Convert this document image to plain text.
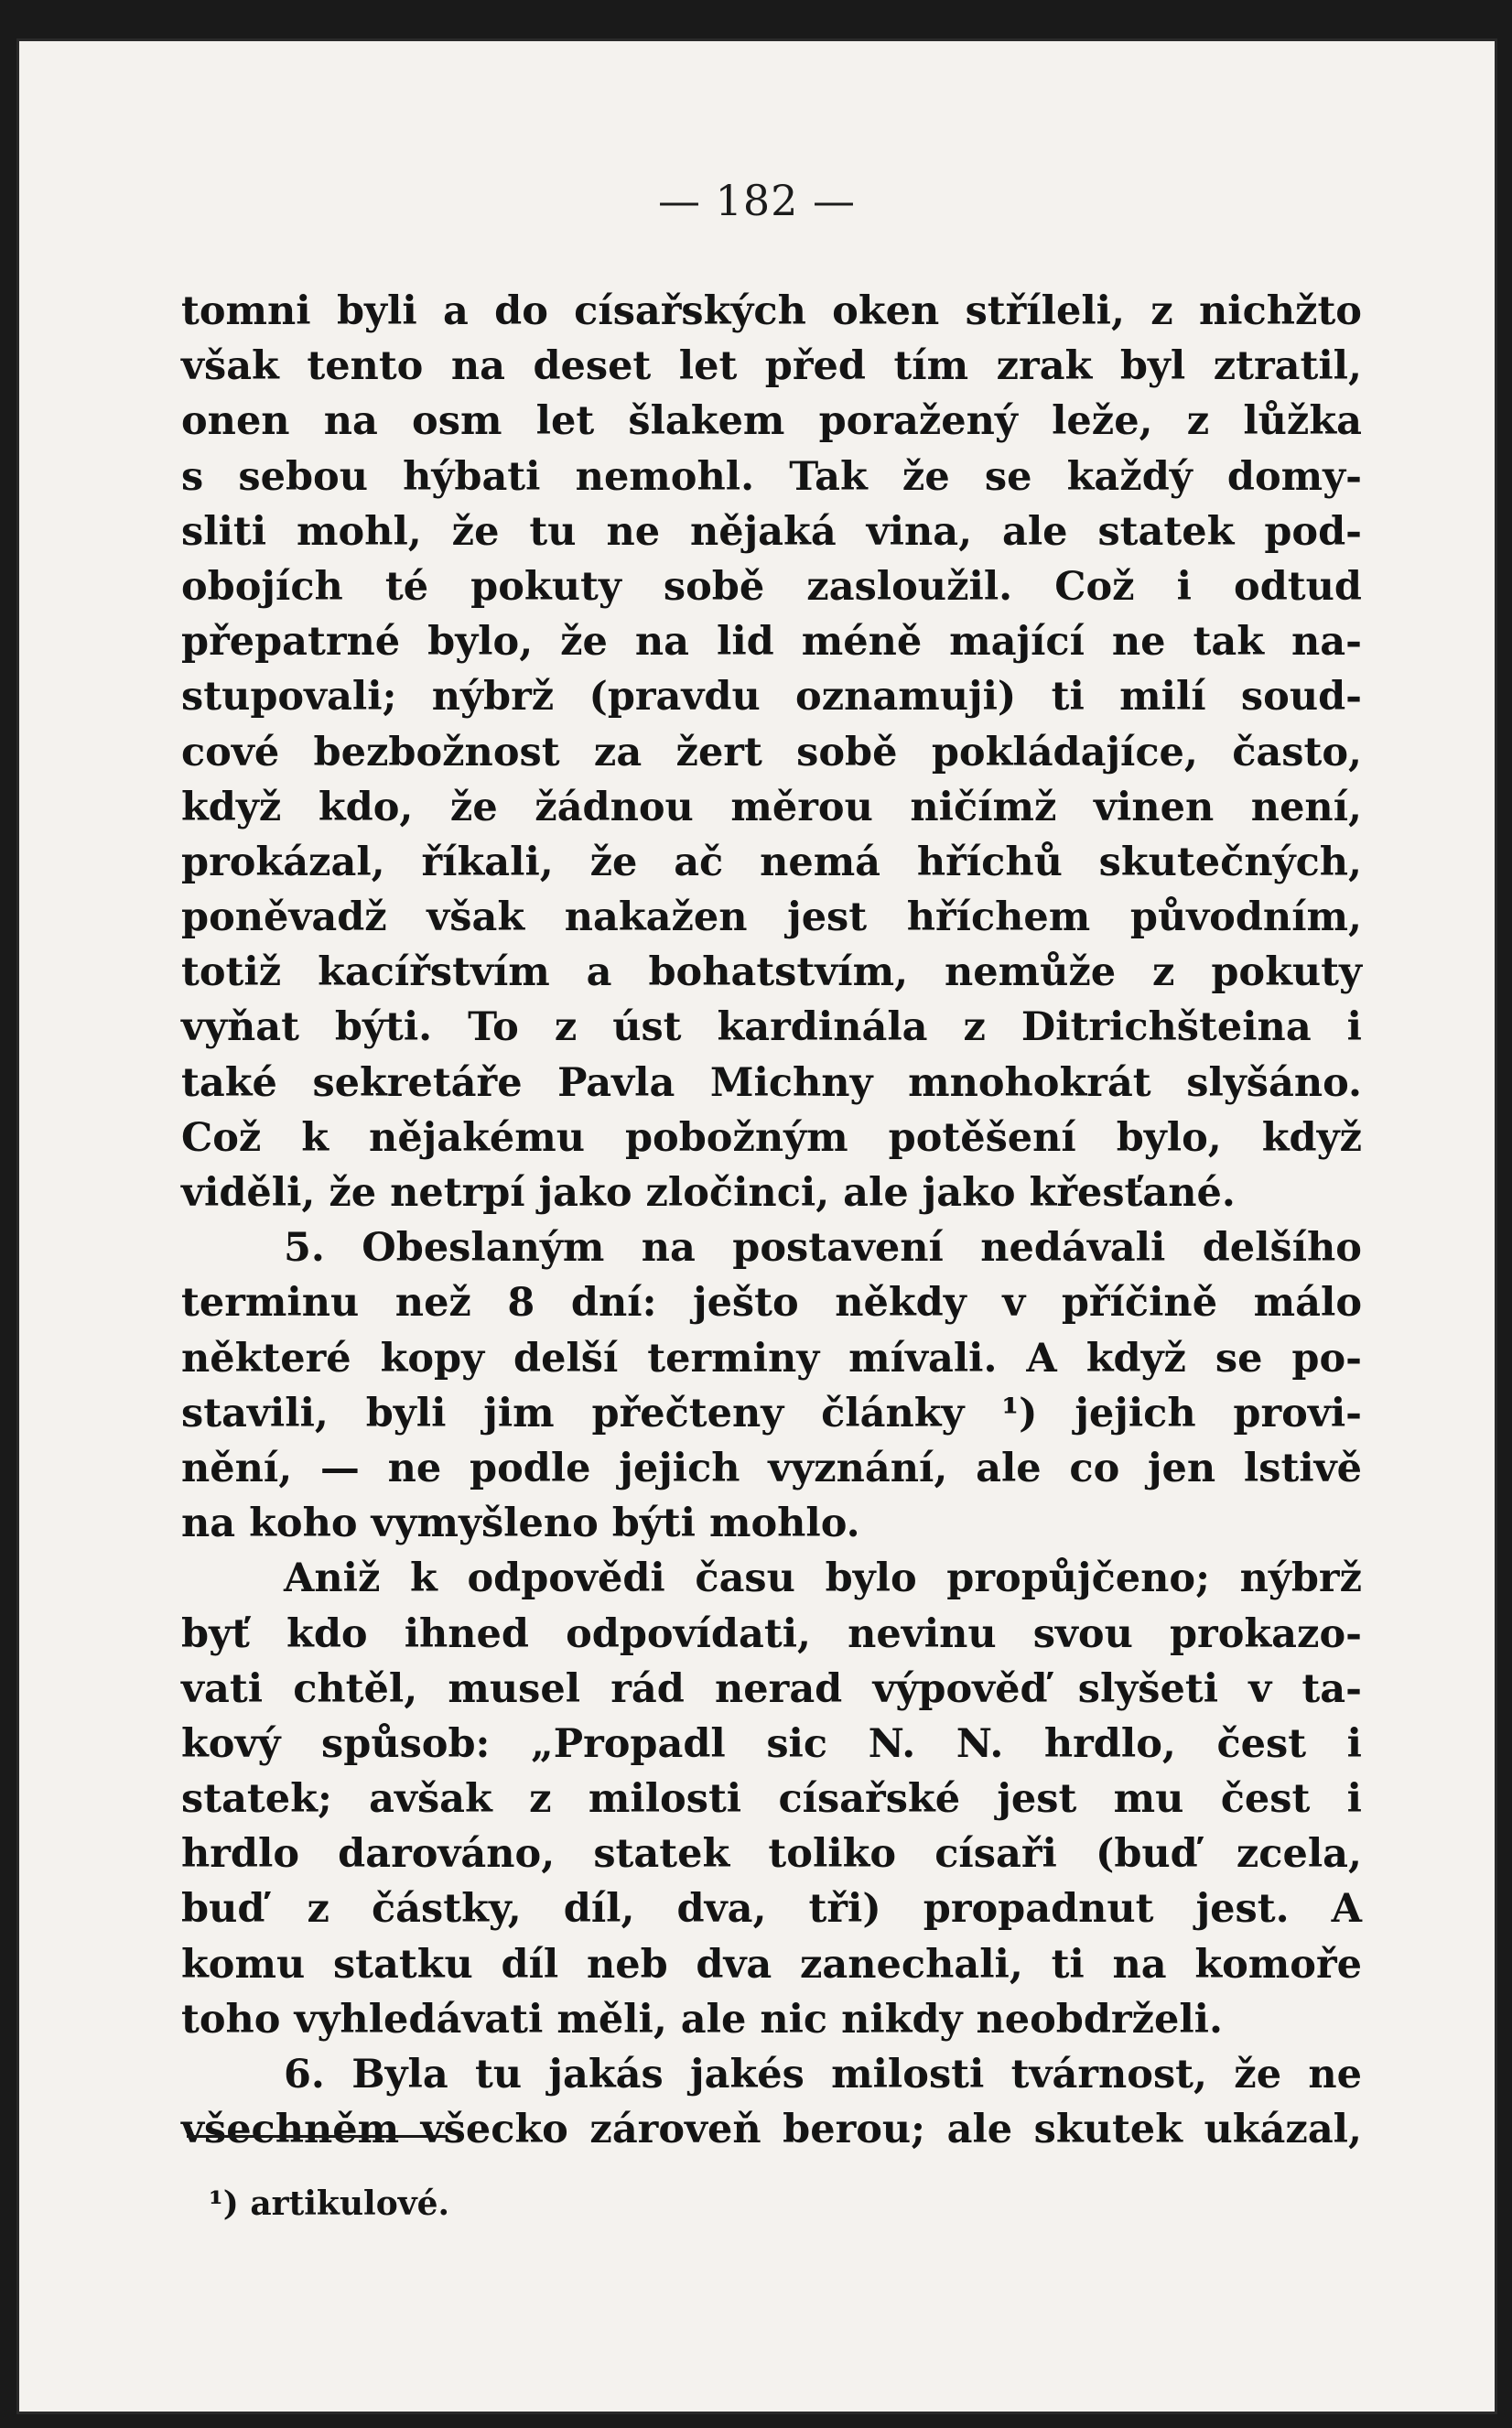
— 182 —
tomni byli a do císařských oken stříleli, z nichžto
však tento na deset let před tím zrak byl ztratil,
onen na osm let šlakem poražený leže, z lůžka
s sebou hýbati nemohl. Tak že se každý domy-
sliti mohl, že tu ne nějaká vina, ale statek pod-
obojích té pokuty sobě zasloužil. Což i odtud
přepatrné bylo, že na lid méně mající ne tak na-
stupovali; nýbrž (pravdu oznamuji) ti milí soud-
cové bezbožnost za žert sobě pokládajíce, často,
když kdo, že žádnou měrou ničímž vinen není,
prokázal, říkali, že ač nemá hříchů skutečných,
poněvadž však nakažen jest hříchem původním,
totiž kacířstvím a bohatstvím, nemůže z pokuty
vyňat býti. To z úst kardinála z Ditrichšteina i
také sekretáře Pavla Michny mnohokrát slyšáno.
Což k nějakému pobožným potěšení bylo, když
viděli, že netrpí jako zločinci, ale jako křesťané.
5. Obeslaným na postavení nedávali delšího
terminu než 8 dní: ješto někdy v příčině málo
některé kopy delší terminy mívali. A když se po-
stavili, byli jim přečteny články ¹) jejich provi-
nění, — ne podle jejich vyznání, ale co jen lstivě
na koho vymyšleno býti mohlo.
Aniž k odpovědi času bylo propůjčeno; nýbrž
byť kdo ihned odpovídati, nevinu svou prokazo-
vati chtěl, musel rád nerad výpověď slyšeti v ta-
kový spůsob: „Propadl sic N. N. hrdlo, čest i
statek; avšak z milosti císařské jest mu čest i
hrdlo darováno, statek toliko císaři (buď zcela,
buď z částky, díl, dva, tři) propadnut jest. A
komu statku díl neb dva zanechali, ti na komoře
toho vyhledávati měli, ale nic nikdy neobdrželi.
6. Byla tu jakás jakés milosti tvárnost, že ne
všechněm všecko zároveň berou; ale skutek ukázal,
¹) artikulové.
